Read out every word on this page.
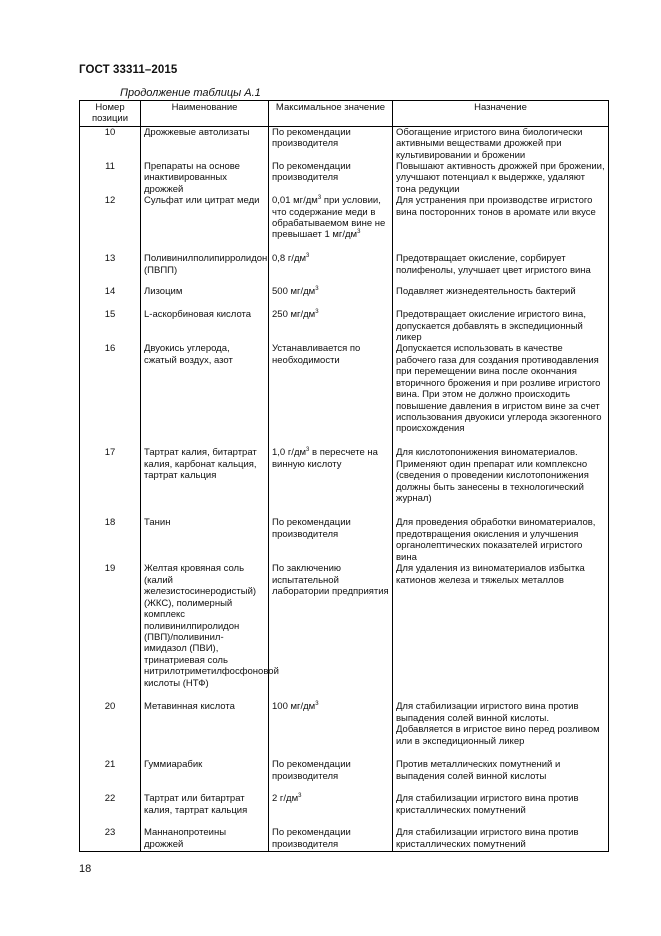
ГОСТ 33311–2015
Продолжение таблицы А.1
Номер позиции	Наименование	Максимальное значение	Назначение
10	Дрожжевые автолизаты	По рекомендации производителя	Обогащение игристого вина биологически активными веществами дрожжей при культивировании и брожении
11	Препараты на основе инактивированных дрожжей	По рекомендации производителя	Повышают активность дрожжей при брожении, улучшают потенциал к выдержке, удаляют тона редукции
12	Сульфат или цитрат меди	0,01 $мг/дм^3$ при условии, что содержание меди в обрабатываемом вине не превышает 1 $мг/дм^3$	Для устранения при производстве игристого вина посторонних тонов в аромате или вкусе
13	Поливинилполипирролидон (ПВПП)	0,8 $г/дм^3$	Предотвращает окисление, сорбирует полифенолы, улучшает цвет игристого вина
14	Лизоцим	500 $мг/дм^3$	Подавляет жизнедеятельность бактерий
15	L-аскорбиновая кислота	250 $мг/дм^3$	Предотвращает окисление игристого вина, допускается добавлять в экспедиционный ликер
16	Двуокись углерода, сжатый воздух, азот	Устанавливается по необходимости	Допускается использовать в качестве рабочего газа для создания противодавления при перемещении вина после окончания вторичного брожения и при розливе игристого вина. При этом не должно происходить повышение давления в игристом вине за счет использования двуокиси углерода экзогенного происхождения
17	Тартрат калия, битартрат калия, карбонат кальция, тартрат кальция	1,0 $г/дм^3$ в пересчете на винную кислоту	Для кислотопонижения виноматериалов. Применяют один препарат или комплексно (сведения о проведении кислотопонижения должны быть занесены в технологический журнал)
18	Танин	По рекомендации производителя	Для проведения обработки виноматериалов, предотвращения окисления и улучшения органолептических показателей игристого вина
19	Желтая кровяная соль (калий железистосинеродистый) (ЖКС), полимерный комплекс поливинилпиролидон (ПВП)/поливинил-имидазол (ПВИ), тринатриевая соль нитрилотриметилфосфоновой кислоты (НТФ)	По заключению испытательной лаборатории предприятия	Для удаления из виноматериалов избытка катионов железа и тяжелых металлов
20	Метавинная кислота	100 $мг/дм^3$	Для стабилизации игристого вина против выпадения солей винной кислоты. Добавляется в игристое вино перед розливом или в экспедиционный ликер
21	Гуммиарабик	По рекомендации производителя	Против металлических помутнений и выпадения солей винной кислоты
22	Тартрат или битартрат калия, тартрат кальция	2 $г/дм^3$	Для стабилизации игристого вина против кристаллических помутнений
23	Маннанопротеины дрожжей	По рекомендации производителя	Для стабилизации игристого вина против кристаллических помутнений
18
